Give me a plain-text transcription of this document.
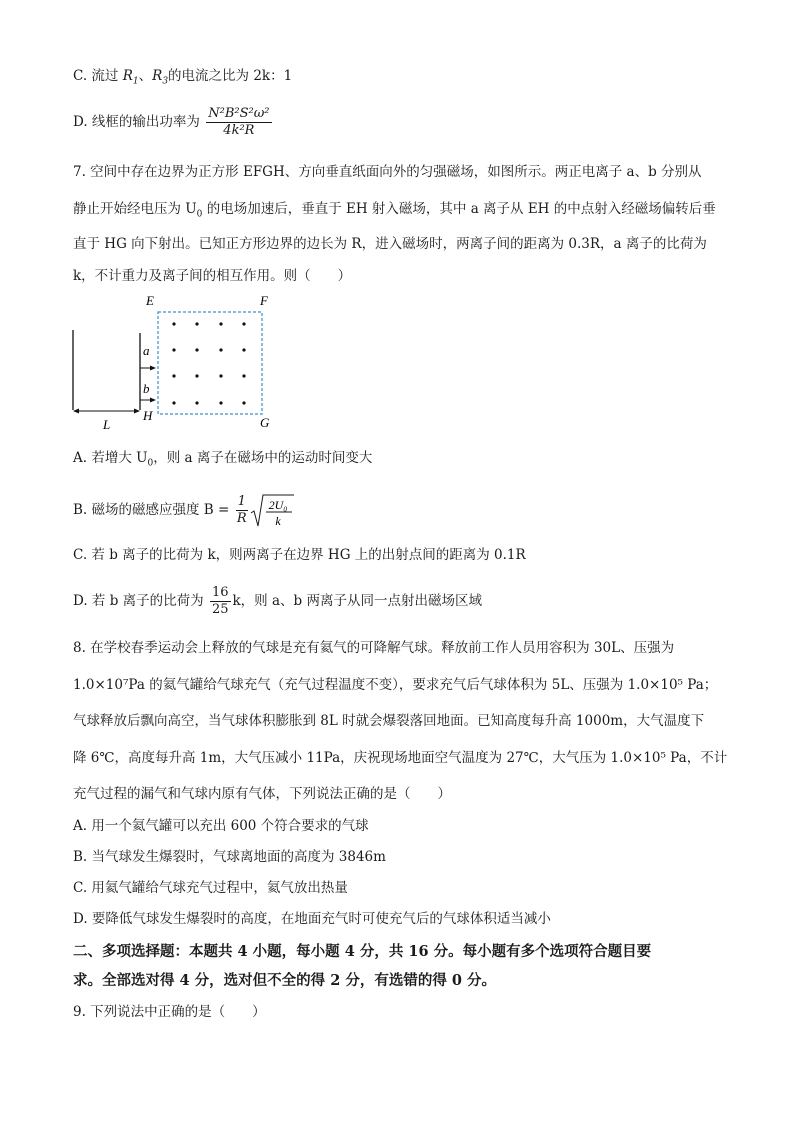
C. 流过 $R_1$、$R_3$的电流之比为 2k：1
D. 线框的输出功率为 $\frac{\text{N²B²S²ω²}}{\text{4k²R}}$
7. 空间中存在边界为正方形 EFGH、方向垂直纸面向外的匀强磁场，如图所示。两正电离子 a、b 分别从
静止开始经电压为 $U_0$ 的电场加速后，垂直于 EH 射入磁场，其中 a 离子从 EH 的中点射入经磁场偏转后垂
直于 HG 向下射出。已知正方形边界的边长为 R，进入磁场时，两离子间的距离为 0.3R，a 离子的比荷为
k，不计重力及离子间的相互作用。则（　　）
E	F
G
H
a
b
L
A. 若增大 $U_0$，则 a 离子在磁场中的运动时间变大
B. 磁场的磁感应强度 $B = \frac{1}{R} 2U_0$
k
C. 若 b 离子的比荷为 k，则两离子在边界 HG 上的出射点间的距离为 0.1R
D. 若 b 离子的比荷为 $\frac{16}{25}$ k，则 a、b 两离子从同一点射出磁场区域
8. 在学校春季运动会上释放的气球是充有氦气的可降解气球。释放前工作人员用容积为 30L、压强为
1.0×10⁷Pa 的氦气罐给气球充气（充气过程温度不变），要求充气后气球体积为 5L、压强为 1.0×10⁵ Pa；
气球释放后飘向高空，当气球体积膨胀到 8L 时就会爆裂落回地面。已知高度每升高 1000m，大气温度下
降 6℃，高度每升高 1m，大气压减小 11Pa，庆祝现场地面空气温度为 27℃，大气压为 1.0×10⁵ Pa，不计
充气过程的漏气和气球内原有气体，下列说法正确的是（　　）
A. 用一个氦气罐可以充出 600 个符合要求的气球
B. 当气球发生爆裂时，气球离地面的高度为 3846m
C. 用氦气罐给气球充气过程中，氦气放出热量
D. 要降低气球发生爆裂时的高度，在地面充气时可使充气后的气球体积适当减小
二、多项选择题：本题共 4 小题，每小题 4 分，共 16 分。每小题有多个选项符合题目要
求。全部选对得 4 分，选对但不全的得 2 分，有选错的得 0 分。
9. 下列说法中正确的是（　　）
